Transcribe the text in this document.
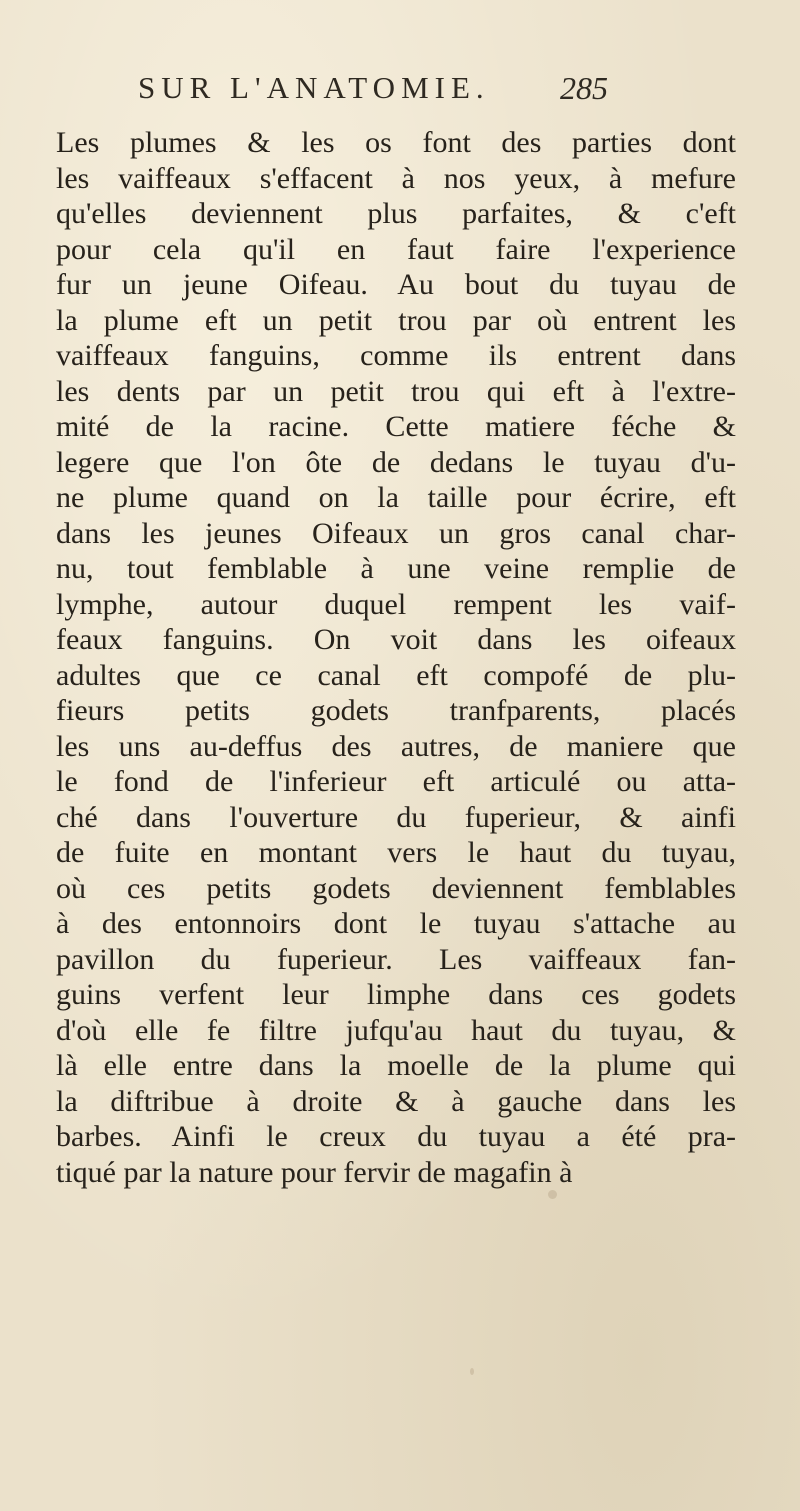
SUR L'ANATOMIE. 285
Les plumes & les os font des parties dont
les vaiffeaux s'effacent à nos yeux, à mefure
qu'elles deviennent plus parfaites, & c'eft
pour cela qu'il en faut faire l'experience
fur un jeune Oifeau. Au bout du tuyau de
la plume eft un petit trou par où entrent les
vaiffeaux fanguins, comme ils entrent dans
les dents par un petit trou qui eft à l'extre-
mité de la racine. Cette matiere féche &
legere que l'on ôte de dedans le tuyau d'u-
ne plume quand on la taille pour écrire, eft
dans les jeunes Oifeaux un gros canal char-
nu, tout femblable à une veine remplie de
lymphe, autour duquel rempent les vaif-
feaux fanguins. On voit dans les oifeaux
adultes que ce canal eft compofé de plu-
fieurs petits godets tranfparents, placés
les uns au-deffus des autres, de maniere que
le fond de l'inferieur eft articulé ou atta-
ché dans l'ouverture du fuperieur, & ainfi
de fuite en montant vers le haut du tuyau,
où ces petits godets deviennent femblables
à des entonnoirs dont le tuyau s'attache au
pavillon du fuperieur. Les vaiffeaux fan-
guins verfent leur limphe dans ces godets
d'où elle fe filtre jufqu'au haut du tuyau, &
là elle entre dans la moelle de la plume qui
la diftribue à droite & à gauche dans les
barbes. Ainfi le creux du tuyau a été pra-
tiqué par la nature pour fervir de magafin à
